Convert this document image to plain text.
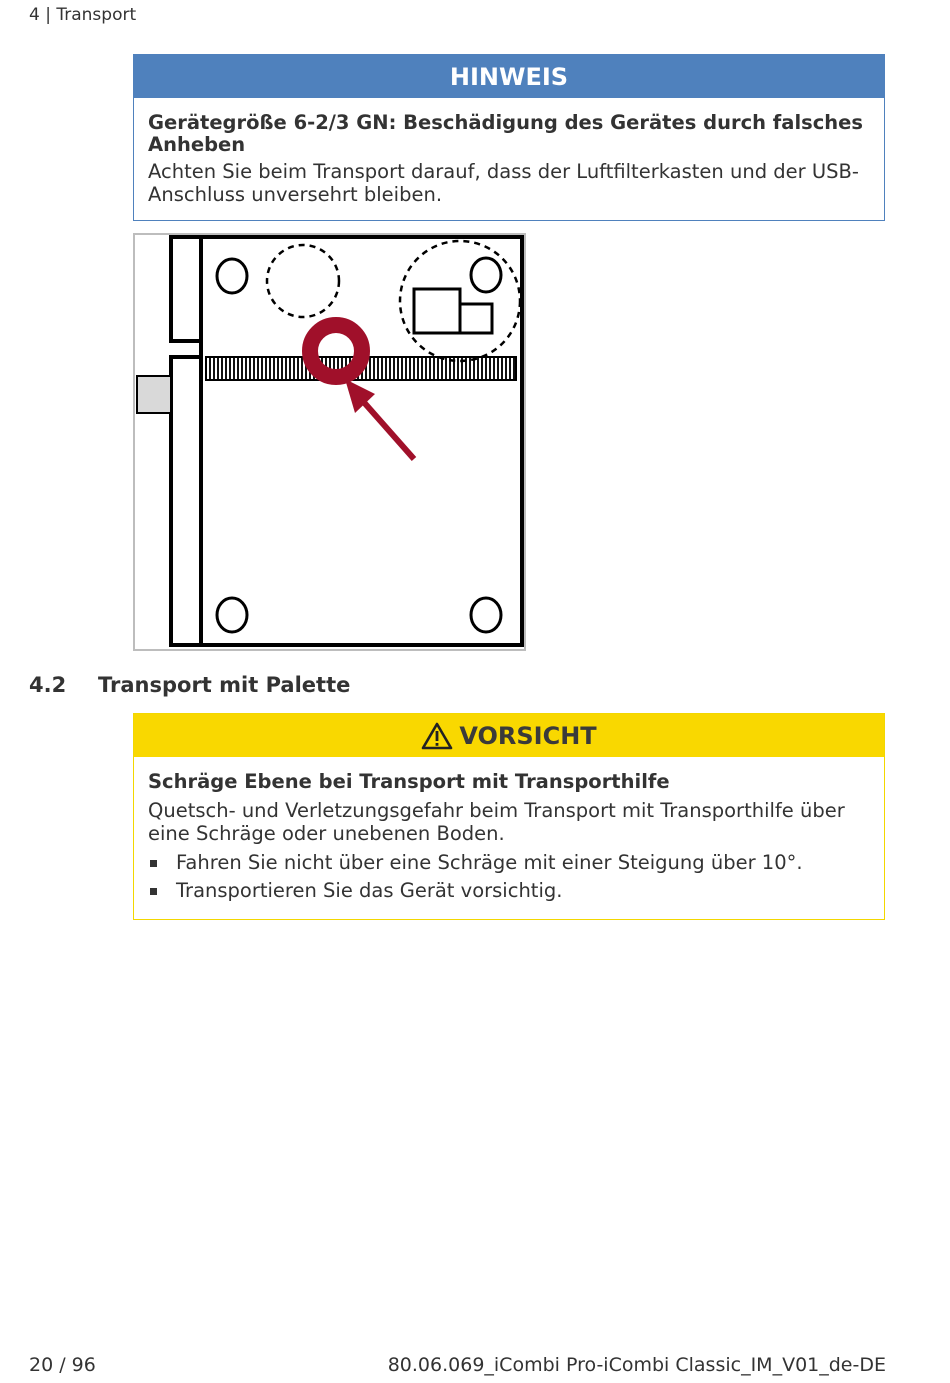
4 | Transport
HINWEIS
Gerätegröße 6-2/3 GN: Beschädigung des Gerätes durch falsches Anheben
Achten Sie beim Transport darauf, dass der Luftfilterkasten und der USB-Anschluss unversehrt bleiben.
4.2 Transport mit Palette
VORSICHT
Schräge Ebene bei Transport mit Transporthilfe
Quetsch- und Verletzungsgefahr beim Transport mit Transporthilfe über eine Schräge oder unebenen Boden.
Fahren Sie nicht über eine Schräge mit einer Steigung über 10°.
Transportieren Sie das Gerät vorsichtig.
20 / 96	80.06.069_iCombi Pro-iCombi Classic_IM_V01_de-DE
